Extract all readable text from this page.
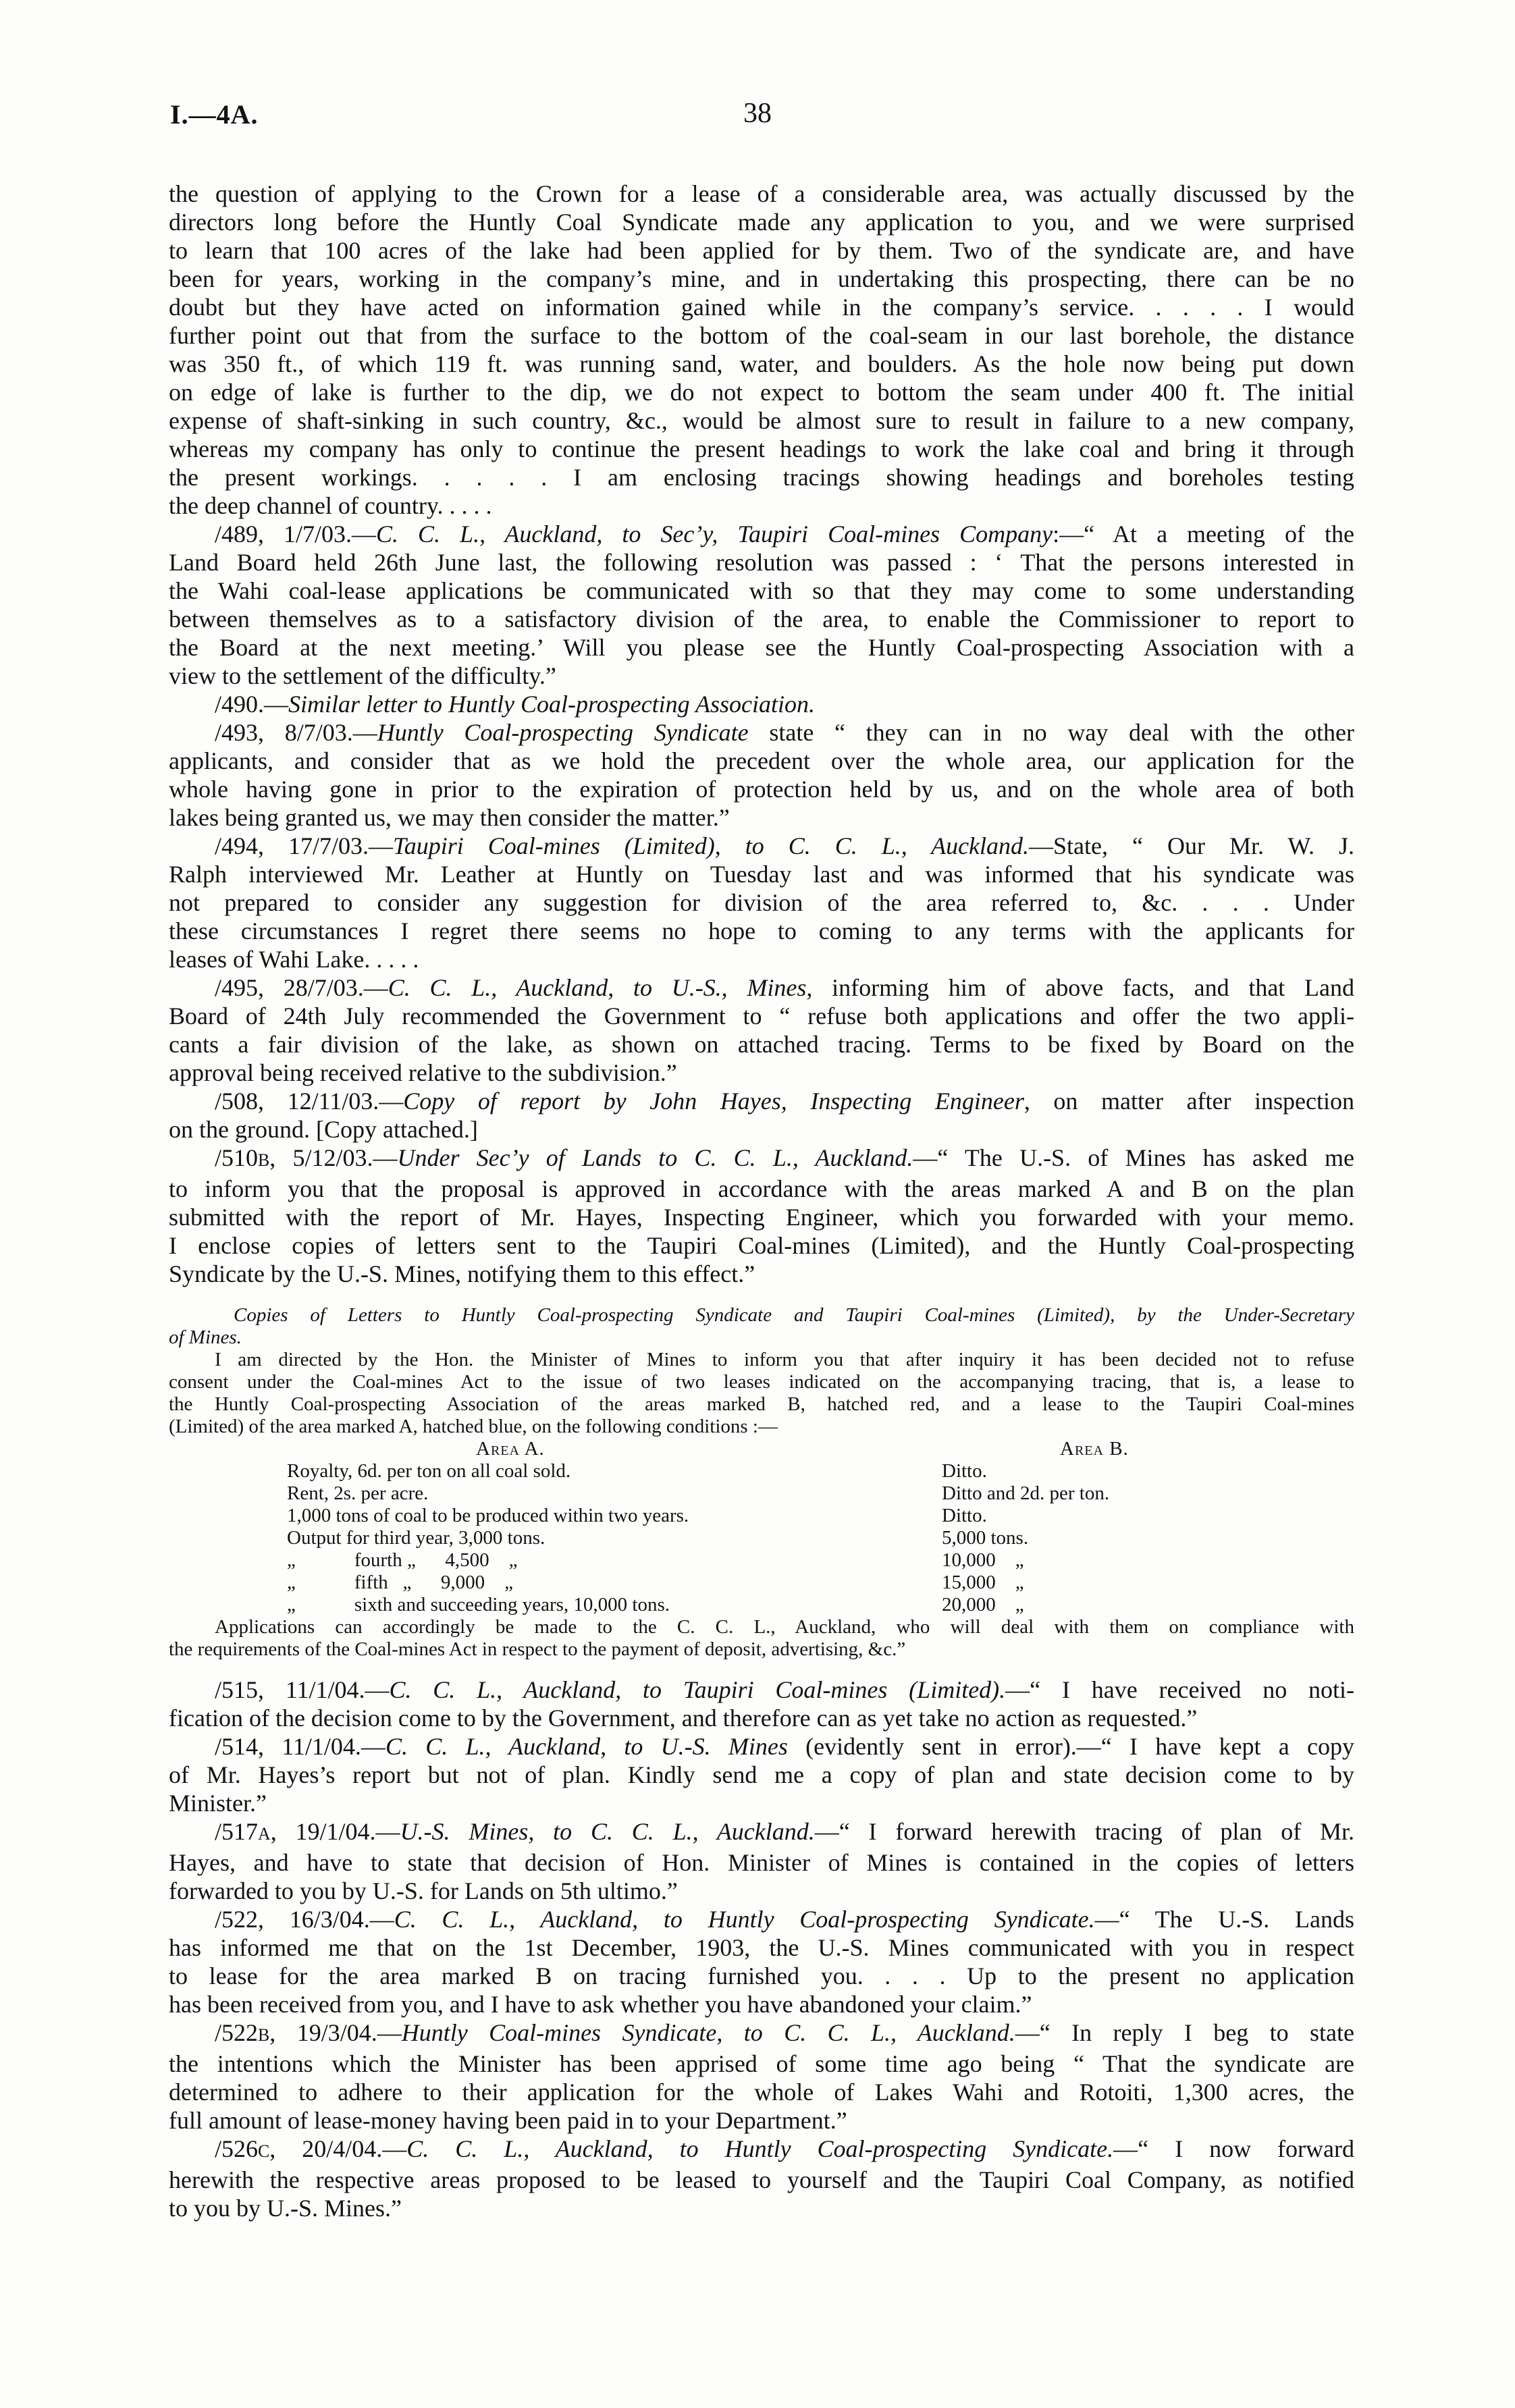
I.—4A.	38
the question of applying to the Crown for a lease of a considerable area, was actually discussed by the
directors long before the Huntly Coal Syndicate made any application to you, and we were surprised
to learn that 100 acres of the lake had been applied for by them. Two of the syndicate are, and have
been for years, working in the company’s mine, and in undertaking this prospecting, there can be no
doubt but they have acted on information gained while in the company’s service. . . . . I would
further point out that from the surface to the bottom of the coal-seam in our last borehole, the distance
was 350 ft., of which 119 ft. was running sand, water, and boulders. As the hole now being put down
on edge of lake is further to the dip, we do not expect to bottom the seam under 400 ft. The initial
expense of shaft-sinking in such country, &c., would be almost sure to result in failure to a new company,
whereas my company has only to continue the present headings to work the lake coal and bring it through
the present workings. . . . . I am enclosing tracings showing headings and boreholes testing
the deep channel of country. . . . .
/489, 1/7/03.—C. C. L., Auckland, to Sec’y, Taupiri Coal-mines Company:—“ At a meeting of the
Land Board held 26th June last, the following resolution was passed : ‘ That the persons interested in
the Wahi coal-lease applications be communicated with so that they may come to some understanding
between themselves as to a satisfactory division of the area, to enable the Commissioner to report to
the Board at the next meeting.’ Will you please see the Huntly Coal-prospecting Association with a
view to the settlement of the difficulty.”
/490.—Similar letter to Huntly Coal-prospecting Association.
/493, 8/7/03.—Huntly Coal-prospecting Syndicate state “ they can in no way deal with the other
applicants, and consider that as we hold the precedent over the whole area, our application for the
whole having gone in prior to the expiration of protection held by us, and on the whole area of both
lakes being granted us, we may then consider the matter.”
/494, 17/7/03.—Taupiri Coal-mines (Limited), to C. C. L., Auckland.—State, “ Our Mr. W. J.
Ralph interviewed Mr. Leather at Huntly on Tuesday last and was informed that his syndicate was
not prepared to consider any suggestion for division of the area referred to, &c. . . . Under
these circumstances I regret there seems no hope to coming to any terms with the applicants for
leases of Wahi Lake. . . . .
/495, 28/7/03.—C. C. L., Auckland, to U.-S., Mines, informing him of above facts, and that Land
Board of 24th July recommended the Government to “ refuse both applications and offer the two appli-
cants a fair division of the lake, as shown on attached tracing. Terms to be fixed by Board on the
approval being received relative to the subdivision.”
/508, 12/11/03.—Copy of report by John Hayes, Inspecting Engineer, on matter after inspection
on the ground. [Copy attached.]
/510B, 5/12/03.—Under Sec’y of Lands to C. C. L., Auckland.—“ The U.-S. of Mines has asked me
to inform you that the proposal is approved in accordance with the areas marked A and B on the plan
submitted with the report of Mr. Hayes, Inspecting Engineer, which you forwarded with your memo.
I enclose copies of letters sent to the Taupiri Coal-mines (Limited), and the Huntly Coal-prospecting
Syndicate by the U.-S. Mines, notifying them to this effect.”
Copies of Letters to Huntly Coal-prospecting Syndicate and Taupiri Coal-mines (Limited), by the Under-Secretary
of Mines.
I am directed by the Hon. the Minister of Mines to inform you that after inquiry it has been decided not to refuse
consent under the Coal-mines Act to the issue of two leases indicated on the accompanying tracing, that is, a lease to
the Huntly Coal-prospecting Association of the areas marked B, hatched red, and a lease to the Taupiri Coal-mines
(Limited) of the area marked A, hatched blue, on the following conditions :—
Area A.	Area B.
Royalty, 6d. per ton on all coal sold.	Ditto.
Rent, 2s. per acre.	Ditto and 2d. per ton.
1,000 tons of coal to be produced within two years.	Ditto.
Output for third year, 3,000 tons.	5,000 tons.
„   fourth „  4,500 „	10,000 „
„   fifth  „  9,000 „	15,000 „
„   sixth and succeeding years, 10,000 tons.	20,000 „
Applications can accordingly be made to the C. C. L., Auckland, who will deal with them on compliance with
the requirements of the Coal-mines Act in respect to the payment of deposit, advertising, &c.”
/515, 11/1/04.—C. C. L., Auckland, to Taupiri Coal-mines (Limited).—“ I have received no noti-
fication of the decision come to by the Government, and therefore can as yet take no action as requested.”
/514, 11/1/04.—C. C. L., Auckland, to U.-S. Mines (evidently sent in error).—“ I have kept a copy
of Mr. Hayes’s report but not of plan. Kindly send me a copy of plan and state decision come to by
Minister.”
/517A, 19/1/04.—U.-S. Mines, to C. C. L., Auckland.—“ I forward herewith tracing of plan of Mr.
Hayes, and have to state that decision of Hon. Minister of Mines is contained in the copies of letters
forwarded to you by U.-S. for Lands on 5th ultimo.”
/522, 16/3/04.—C. C. L., Auckland, to Huntly Coal-prospecting Syndicate.—“ The U.-S. Lands
has informed me that on the 1st December, 1903, the U.-S. Mines communicated with you in respect
to lease for the area marked B on tracing furnished you. . . . Up to the present no application
has been received from you, and I have to ask whether you have abandoned your claim.”
/522B, 19/3/04.—Huntly Coal-mines Syndicate, to C. C. L., Auckland.—“ In reply I beg to state
the intentions which the Minister has been apprised of some time ago being “ That the syndicate are
determined to adhere to their application for the whole of Lakes Wahi and Rotoiti, 1,300 acres, the
full amount of lease-money having been paid in to your Department.”
/526C, 20/4/04.—C. C. L., Auckland, to Huntly Coal-prospecting Syndicate.—“ I now forward
herewith the respective areas proposed to be leased to yourself and the Taupiri Coal Company, as notified
to you by U.-S. Mines.”
